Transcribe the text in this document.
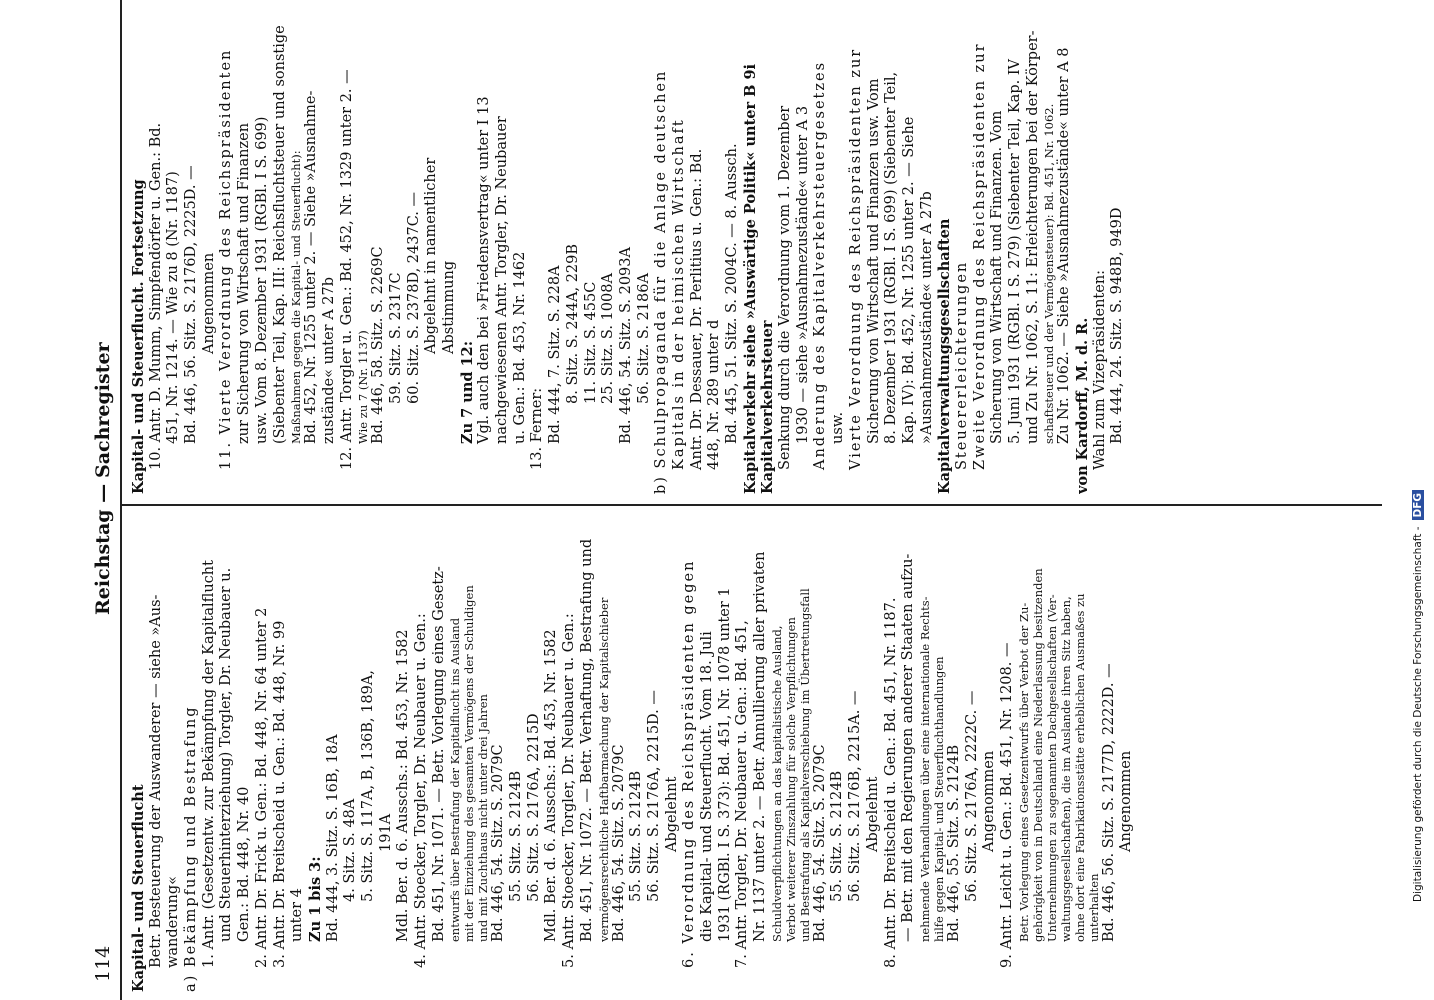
114
Reichstag —
Sachregister
Kapital- und Steuerflucht Betr. Besteuerung der Auswanderer — siehe »Aus- wanderung« a) Bekämpfung und Bestrafung 1. Antr. (Gesetzentw. zur Bekämpfung der Kapitalflucht und Steuerhinterziehung) Torgler, Dr. Neubauer u. Gen.: Bd. 448, Nr. 40 2. Antr. Dr. Frick u. Gen.: Bd. 448, Nr. 64 unter 2 3. Antr. Dr. Breitscheid u. Gen.: Bd. 448, Nr. 99 unter 4 Zu 1 bis 3: Bd. 444, 3. Sitz. S. 16B, 18A 4. Sitz. S. 48A 5. Sitz. S. 117A, B, 136B, 189A, 191A Mdl. Ber. d. 6. Ausschs.: Bd. 453, Nr. 1582 4. Antr. Stoecker, Torgler, Dr. Neubauer u. Gen.: Bd. 451, Nr. 1071. — Betr. Vorlegung eines Gesetz- entwurfs über Bestrafung der Kapitalflucht ins Ausland mit der Einziehung des gesamten Vermögens der Schuldigen und mit Zuchthaus nicht unter drei Jahren Bd. 446, 54. Sitz. S. 2079C 55. Sitz. S. 2124B 56. Sitz. S. 2176A, 2215D Mdl. Ber. d. 6. Ausschs.: Bd. 453, Nr. 1582 5. Antr. Stoecker, Torgler, Dr. Neubauer u. Gen.: Bd. 451, Nr. 1072. — Betr. Verhaftung, Bestrafung und vermögensrechtliche Haftbarmachung der Kapitalschieber Bd. 446, 54. Sitz. S. 2079C 55. Sitz. S. 2124B 56. Sitz. S. 2176A, 2215D. — Abgelehnt 6. Verordnung des Reichspräsidenten gegen die Kapital- und Steuerflucht. Vom 18. Juli 1931 (RGBl. I S. 373): Bd. 451, Nr. 1078 unter 1 7. Antr. Torgler, Dr. Neubauer u. Gen.: Bd. 451, Nr. 1137 unter 2. — Betr. Annullierung aller privaten Schuldverpflichtungen an das kapitalistische Ausland, Verbot weiterer Zinszahlung für solche Verpflichtungen und Bestrafung als Kapitalverschiebung im Übertretungsfall Bd. 446, 54. Sitz. S. 2079C 55. Sitz. S. 2124B 56. Sitz. S. 2176B, 2215A. — Abgelehnt 8. Antr. Dr. Breitscheid u. Gen.: Bd. 451, Nr. 1187. — Betr. mit den Regierungen anderer Staaten aufzu- nehmende Verhandlungen über eine internationale Rechts- hilfe gegen Kapital- und Steuerfluchthandlungen Bd. 446, 55. Sitz. S. 2124B 56. Sitz. S. 2176A, 2222C. — Angenommen 9. Antr. Leicht u. Gen.: Bd. 451, Nr. 1208. — Betr. Vorlegung eines Gesetzentwurfs über Verbot der Zu- gehörigkeit von in Deutschland eine Niederlassung besitzenden Unternehmungen zu sogenannten Dachgesellschaften (Ver- waltungsgesellschaften), die im Auslande ihren Sitz haben, ohne dort eine Fabrikationsstätte erheblichen Ausmaßes zu unterhalten Bd. 446, 56. Sitz. S. 2177D, 2222D. — Angenommen
Kapital- und Steuerflucht. Fortsetzung 10. Antr. D. Mumm, Simpfendörfer u. Gen.: Bd. 451, Nr. 1214. — Wie zu 8 (Nr. 1187) Bd. 446, 56. Sitz. S. 2176D, 2225D. — Angenommen 11. Vierte Verordnung des Reichspräsidenten zur Sicherung von Wirtschaft und Finanzen usw. Vom 8. Dezember 1931 (RGBl. I S. 699) (Siebenter Teil, Kap. III: Reichsfluchtsteuer und sonstige Maßnahmen gegen die Kapital- und Steuerflucht): Bd. 452, Nr. 1255 unter 2. — Siehe »Ausnahme- zustände« unter A 27b 12. Antr. Torgler u. Gen.: Bd. 452, Nr. 1329 unter 2. — Wie zu 7 (Nr. 1137) Bd. 446, 58. Sitz. S. 2269C 59. Sitz. S. 2317C 60. Sitz. S. 2378D, 2437C. — Abgelehnt in namentlicher Abstimmung
Zu 7 und 12: Vgl. auch den bei »Friedensvertrag« unter I 13 nachgewiesenen Antr. Torgler, Dr. Neubauer u. Gen.: Bd. 453, Nr. 1462 13. Ferner: Bd. 444, 7. Sitz. S. 228A 8. Sitz. S. 244A, 229B 11. Sitz. S. 455C 25. Sitz. S. 1008A Bd. 446, 54. Sitz. S. 2093A 56. Sitz. S. 2186A b) Schulpropaganda für die Anlage deutschen Kapitals in der heimischen Wirtschaft Antr. Dr. Dessauer, Dr. Perlitius u. Gen.: Bd. 448, Nr. 289 unter d Bd. 445, 51. Sitz. S. 2004C. — 8. Aussch. Kapitalverkehr siehe »Auswärtige Politik« unter B 9i Kapitalverkehrsteuer Senkung durch die Verordnung vom 1. Dezember 1930 — siehe »Ausnahmezustände« unter A 3 Änderung des Kapitalverkehrsteuergesetzes usw. Vierte Verordnung des Reichspräsidenten zur Sicherung von Wirtschaft und Finanzen usw. Vom 8. Dezember 1931 (RGBl. I S. 699) (Siebenter Teil, Kap. IV): Bd. 452, Nr. 1255 unter 2. — Siehe »Ausnahmezustände« unter A 27b Kapitalverwaltungsgesellschaften Steuererleichterungen Zweite Verordnung des Reichspräsidenten zur Sicherung von Wirtschaft und Finanzen. Vom 5. Juni 1931 (RGBl. I S. 279) (Siebenter Teil, Kap. IV und Zu Nr. 1062, S. 11: Erleichterungen bei der Körper- schaftsteuer und der Vermögensteuer): Bd. 451, Nr. 1062. Zu Nr. 1062. — Siehe »Ausnahmezustände« unter A 8 von Kardorff, M. d. R. Wahl zum Vizepräsidenten: Bd. 444, 24. Sitz. S. 948B, 949D
Digitalisierung gefördert durch die Deutsche Forschungsgemeinschaft -DFG
